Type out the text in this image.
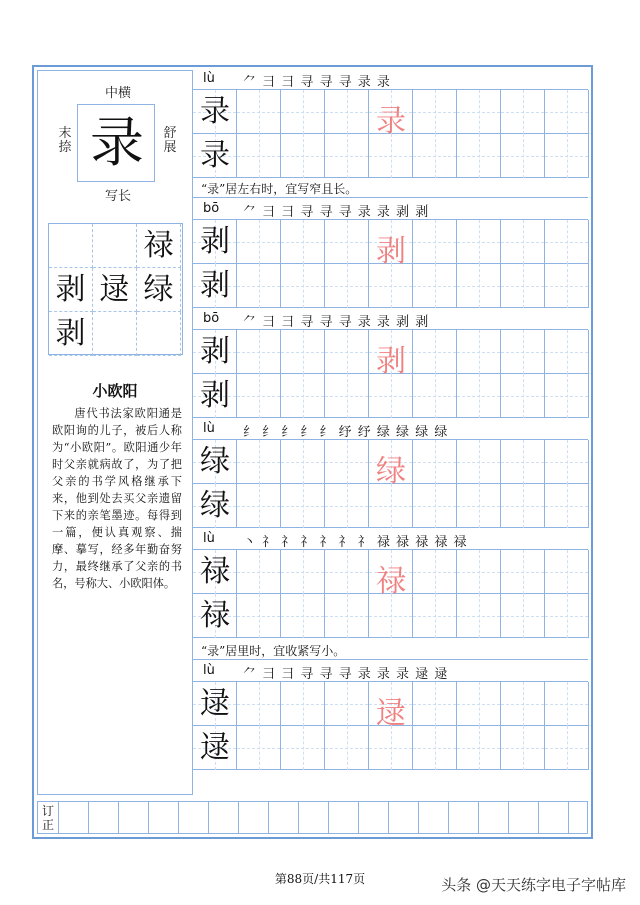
中横
末捺
舒展
写长
录
禄
剥 逯 绿
剥
小欧阳
唐代书法家欧阳通是欧阳询的儿子，被后人称为“小欧阳”。欧阳通少年时父亲就病故了，为了把父亲的书学风格继承下来，他到处去买父亲遗留下来的亲笔墨迹。每得到一篇，便认真观察、揣摩、摹写，经多年勤奋努力，最终继承了父亲的书名，号称大、小欧阳体。
lù ⺈ ⺕ ⺕ 寻 寻 寻 录 录
录
录
录
“录”居左右时，宜写窄且长。
bō ⺈ ⺕ ⺕ 寻 寻 寻 录 录 剥 剥
剥
剥
剥
bō ⺈ ⺕ ⺕ 寻 寻 寻 录 录 剥 剥
剥
剥
剥
lù 纟 纟 纟 纟 纟 纾 纾 绿 绿 绿 绿
绿
绿
绿
lù 丶 礻 礻 礻 礻 礻 礻 禄 禄 禄 禄 禄
禄
禄
禄
“录”居里时，宜收紧写小。
lù ⺈ ⺕ ⺕ 寻 寻 寻 录 录 录 逯 逯
逯
逯
逯
订正
第88页/共117页	头条 @天天练字电子字帖库
